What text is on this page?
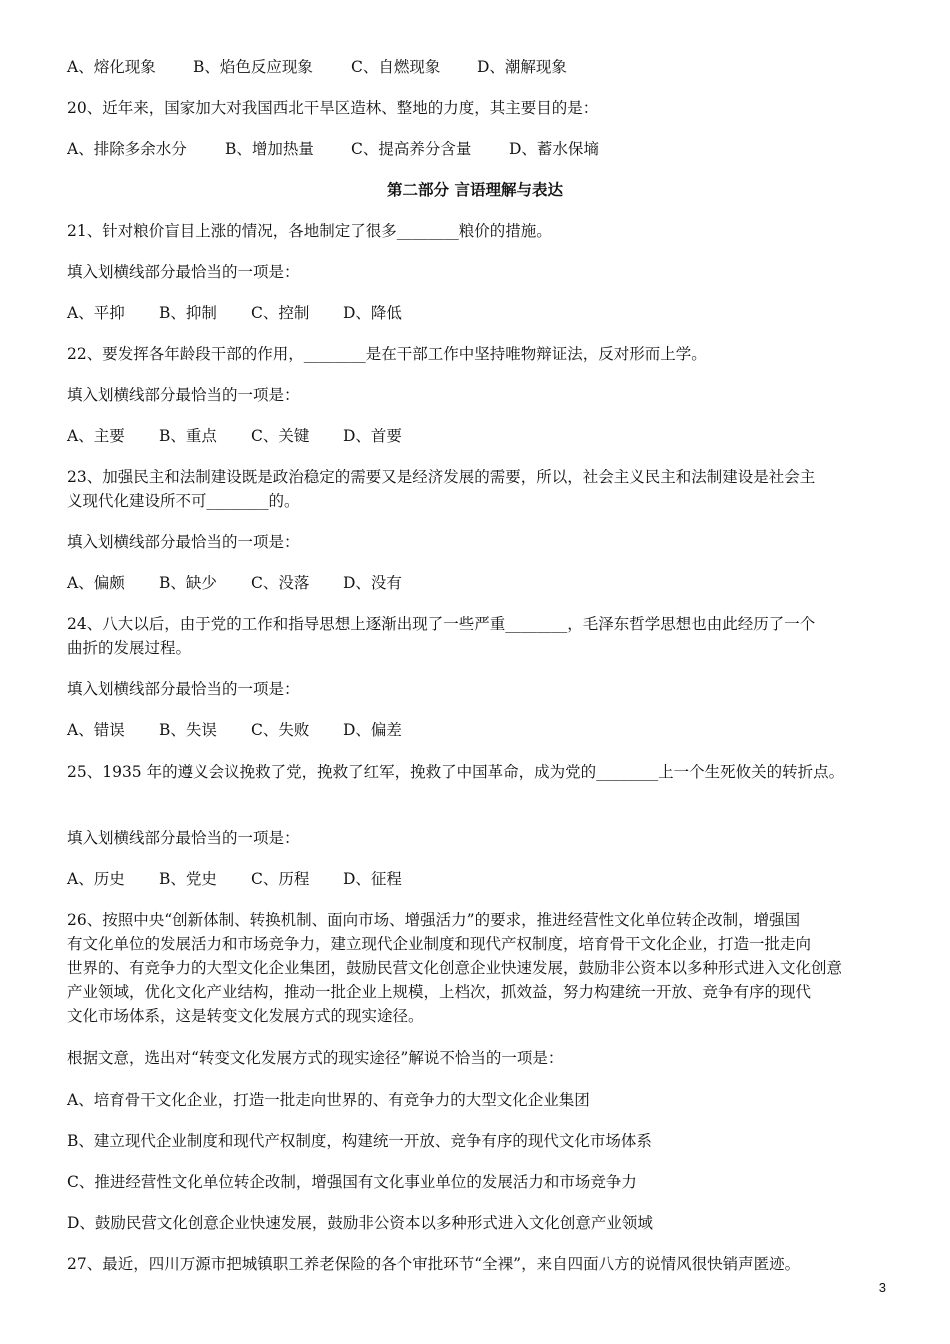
A、熔化现象	B、焰色反应现象	C、自燃现象	D、潮解现象
20、近年来，国家加大对我国西北干旱区造林、整地的力度，其主要目的是：
A、排除多余水分	B、增加热量	C、提高养分含量	D、蓄水保墒
第二部分 言语理解与表达
21、针对粮价盲目上涨的情况，各地制定了很多________粮价的措施。
填入划横线部分最恰当的一项是：
A、平抑	B、抑制	C、控制	D、降低
22、要发挥各年龄段干部的作用，________是在干部工作中坚持唯物辩证法，反对形而上学。
填入划横线部分最恰当的一项是：
A、主要	B、重点	C、关键	D、首要
23、加强民主和法制建设既是政治稳定的需要又是经济发展的需要，所以，社会主义民主和法制建设是社会主
义现代化建设所不可________的。
填入划横线部分最恰当的一项是：
A、偏颇	B、缺少	C、没落	D、没有
24、八大以后，由于党的工作和指导思想上逐渐出现了一些严重________，毛泽东哲学思想也由此经历了一个
曲折的发展过程。
填入划横线部分最恰当的一项是：
A、错误	B、失误	C、失败	D、偏差
25、1935 年的遵义会议挽救了党，挽救了红军，挽救了中国革命，成为党的________上一个生死攸关的转折点。
填入划横线部分最恰当的一项是：
A、历史	B、党史	C、历程	D、征程
26、按照中央“创新体制、转换机制、面向市场、增强活力”的要求，推进经营性文化单位转企改制，增强国
有文化单位的发展活力和市场竞争力，建立现代企业制度和现代产权制度，培育骨干文化企业，打造一批走向
世界的、有竞争力的大型文化企业集团，鼓励民营文化创意企业快速发展，鼓励非公资本以多种形式进入文化创意
产业领域，优化文化产业结构，推动一批企业上规模，上档次，抓效益，努力构建统一开放、竞争有序的现代
文化市场体系，这是转变文化发展方式的现实途径。
根据文意，选出对“转变文化发展方式的现实途径”解说不恰当的一项是：
A、培育骨干文化企业，打造一批走向世界的、有竞争力的大型文化企业集团
B、建立现代企业制度和现代产权制度，构建统一开放、竞争有序的现代文化市场体系
C、推进经营性文化单位转企改制，增强国有文化事业单位的发展活力和市场竞争力
D、鼓励民营文化创意企业快速发展，鼓励非公资本以多种形式进入文化创意产业领域
27、最近，四川万源市把城镇职工养老保险的各个审批环节“全裸”，来自四面八方的说情风很快销声匿迹。
3
